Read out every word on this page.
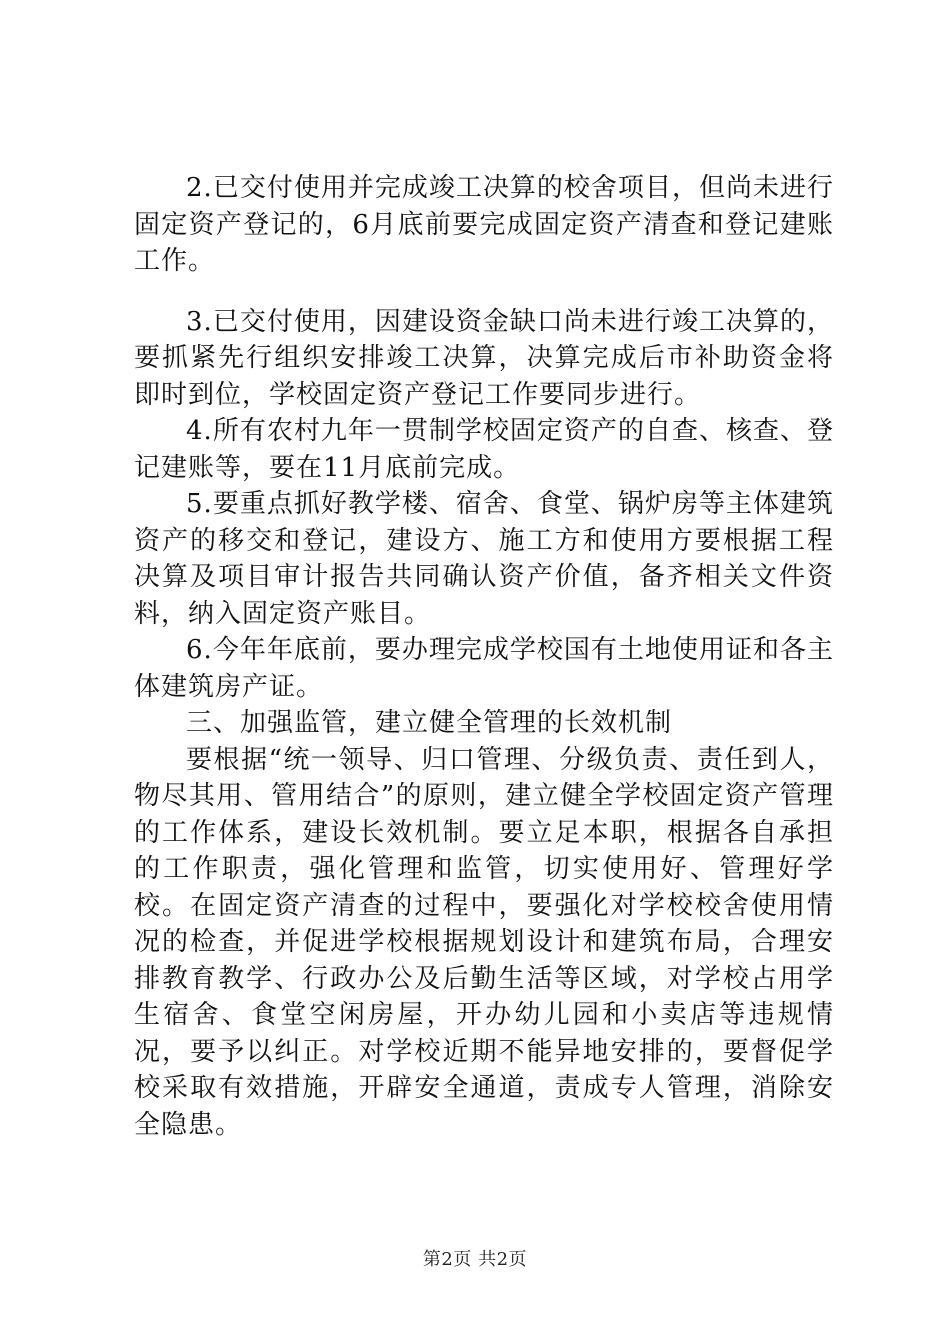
2.已交付使用并完成竣工决算的校舍项目，但尚未进行固定资产登记的，6月底前要完成固定资产清查和登记建账工作。

3.已交付使用，因建设资金缺口尚未进行竣工决算的，要抓紧先行组织安排竣工决算，决算完成后市补助资金将即时到位，学校固定资产登记工作要同步进行。

4.所有农村九年一贯制学校固定资产的自查、核查、登记建账等，要在11月底前完成。

5.要重点抓好教学楼、宿舍、食堂、锅炉房等主体建筑资产的移交和登记，建设方、施工方和使用方要根据工程决算及项目审计报告共同确认资产价值，备齐相关文件资料，纳入固定资产账目。

6.今年年底前，要办理完成学校国有土地使用证和各主体建筑房产证。

三、加强监管，建立健全管理的长效机制

要根据“统一领导、归口管理、分级负责、责任到人，物尽其用、管用结合”的原则，建立健全学校固定资产管理的工作体系，建设长效机制。要立足本职，根据各自承担的工作职责，强化管理和监管，切实使用好、管理好学校。在固定资产清查的过程中，要强化对学校校舍使用情况的检查，并促进学校根据规划设计和建筑布局，合理安排教育教学、行政办公及后勤生活等区域，对学校占用学生宿舍、食堂空闲房屋，开办幼儿园和小卖店等违规情况，要予以纠正。对学校近期不能异地安排的，要督促学校采取有效措施，开辟安全通道，责成专人管理，消除安全隐患。

第2页 共2页
